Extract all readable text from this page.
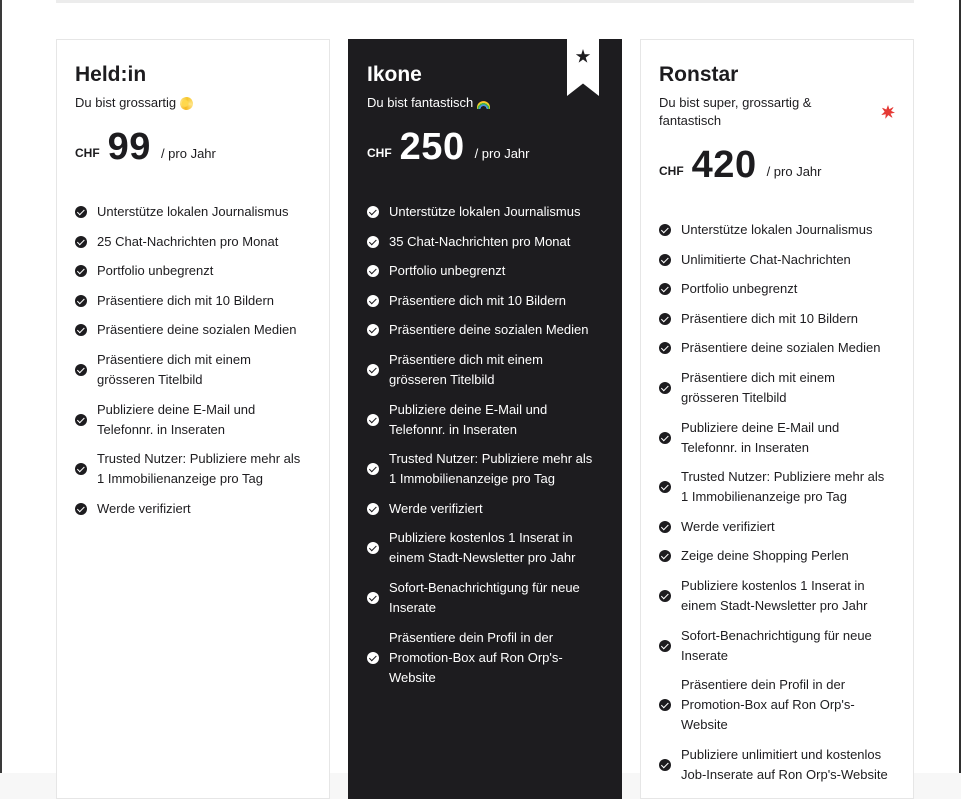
Held:in
Du bist grossartig
CHF 99 / pro Jahr
Unterstütze lokalen Journalismus
25 Chat-Nachrichten pro Monat
Portfolio unbegrenzt
Präsentiere dich mit 10 Bildern
Präsentiere deine sozialen Medien
Präsentiere dich mit einem grösseren Titelbild
Publiziere deine E-Mail und Telefonnr. in Inseraten
Trusted Nutzer: Publiziere mehr als 1 Immobilienanzeige pro Tag
Werde verifiziert
Ikone
Du bist fantastisch
CHF 250 / pro Jahr
Unterstütze lokalen Journalismus
35 Chat-Nachrichten pro Monat
Portfolio unbegrenzt
Präsentiere dich mit 10 Bildern
Präsentiere deine sozialen Medien
Präsentiere dich mit einem grösseren Titelbild
Publiziere deine E-Mail und Telefonnr. in Inseraten
Trusted Nutzer: Publiziere mehr als 1 Immobilienanzeige pro Tag
Werde verifiziert
Publiziere kostenlos 1 Inserat in einem Stadt-Newsletter pro Jahr
Sofort-Benachrichtigung für neue Inserate
Präsentiere dein Profil in der Promotion-Box auf Ron Orp's-Website
Ronstar
Du bist super, grossartig & fantastisch
CHF 420 / pro Jahr
Unterstütze lokalen Journalismus
Unlimitierte Chat-Nachrichten
Portfolio unbegrenzt
Präsentiere dich mit 10 Bildern
Präsentiere deine sozialen Medien
Präsentiere dich mit einem grösseren Titelbild
Publiziere deine E-Mail und Telefonnr. in Inseraten
Trusted Nutzer: Publiziere mehr als 1 Immobilienanzeige pro Tag
Werde verifiziert
Zeige deine Shopping Perlen
Publiziere kostenlos 1 Inserat in einem Stadt-Newsletter pro Jahr
Sofort-Benachrichtigung für neue Inserate
Präsentiere dein Profil in der Promotion-Box auf Ron Orp's-Website
Publiziere unlimitiert und kostenlos Job-Inserate auf Ron Orp's-Website
